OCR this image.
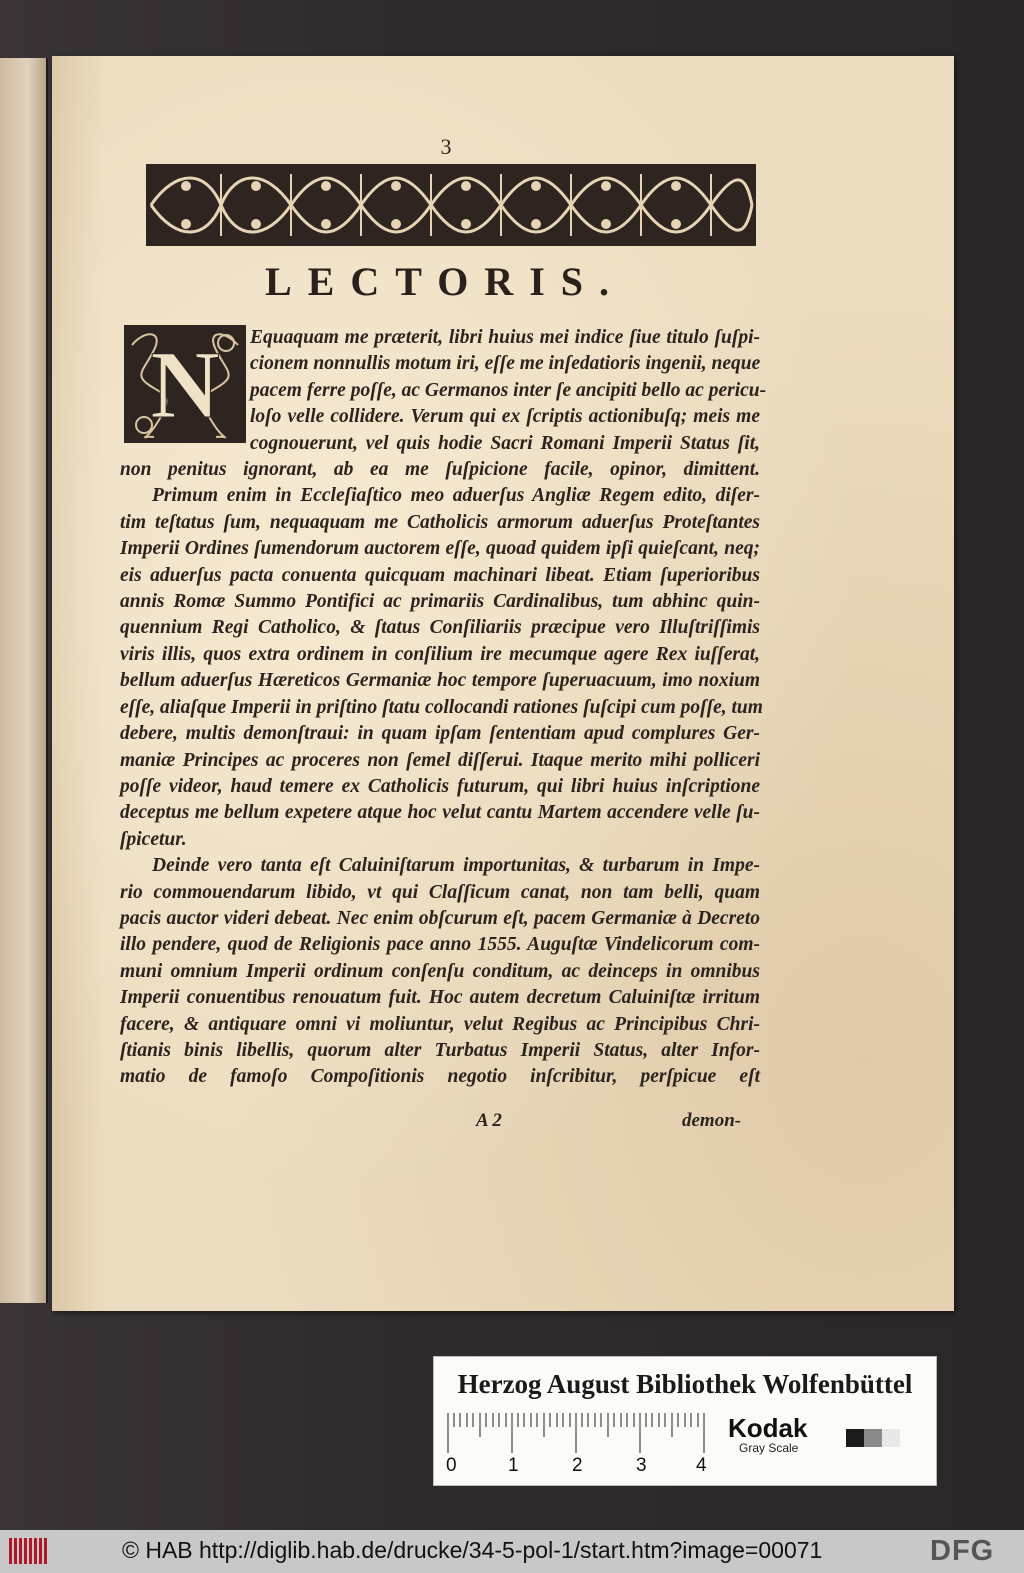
3
LECTORIS.
N	Equaquam me præterit, libri huius mei indice ſiue titulo ſuſpi-
cionem nonnullis motum iri, eſſe me inſedatioris ingenii, neque
pacem ferre poſſe, ac Germanos inter ſe ancipiti bello ac pericu-
loſo velle collidere. Verum qui ex ſcriptis actionibuſq; meis me
cognouerunt, vel quis hodie Sacri Romani Imperii Status ſit,
non penitus ignorant, ab ea me ſuſpicione facile, opinor, dimittent.
Primum enim in Eccleſiaſtico meo aduerſus Angliæ Regem edito, diſer-
tim teſtatus ſum, nequaquam me Catholicis armorum aduerſus Proteſtantes
Imperii Ordines ſumendorum auctorem eſſe, quoad quidem ipſi quieſcant, neq;
eis aduerſus pacta conuenta quicquam machinari libeat. Etiam ſuperioribus
annis Romæ Summo Pontifici ac primariis Cardinalibus, tum abhinc quin-
quennium Regi Catholico, & ſtatus Conſiliariis præcipue vero Illuſtriſſimis
viris illis, quos extra ordinem in conſilium ire mecumque agere Rex iuſſerat,
bellum aduerſus Hæreticos Germaniæ hoc tempore ſuperuacuum, imo noxium
eſſe, aliaſque Imperii in priſtino ſtatu collocandi rationes ſuſcipi cum poſſe, tum
debere, multis demonſtraui: in quam ipſam ſententiam apud complures Ger-
maniæ Principes ac proceres non ſemel diſſerui. Itaque merito mihi polliceri
poſſe videor, haud temere ex Catholicis futurum, qui libri huius inſcriptione
deceptus me bellum expetere atque hoc velut cantu Martem accendere velle ſu-
ſpicetur.
Deinde vero tanta eſt Caluiniſtarum importunitas, & turbarum in Impe-
rio commouendarum libido, vt qui Claſſicum canat, non tam belli, quam
pacis auctor videri debeat. Nec enim obſcurum eſt, pacem Germaniæ à Decreto
illo pendere, quod de Religionis pace anno 1555. Auguſtæ Vindelicorum com-
muni omnium Imperii ordinum conſenſu conditum, ac deinceps in omnibus
Imperii conuentibus renouatum fuit. Hoc autem decretum Caluiniſtæ irritum
facere, & antiquare omni vi moliuntur, velut Regibus ac Principibus Chri-
ſtianis binis libellis, quorum alter Turbatus Imperii Status, alter Infor-
matio de famoſo Compoſitionis negotio inſcribitur, perſpicue eſt
A 2	demon-
Herzog August Bibliothek Wolfenbüttel
0	1	2	3	4
Kodak
Gray Scale
© HAB http://diglib.hab.de/drucke/34-5-pol-1/start.htm?image=00071	DFG
